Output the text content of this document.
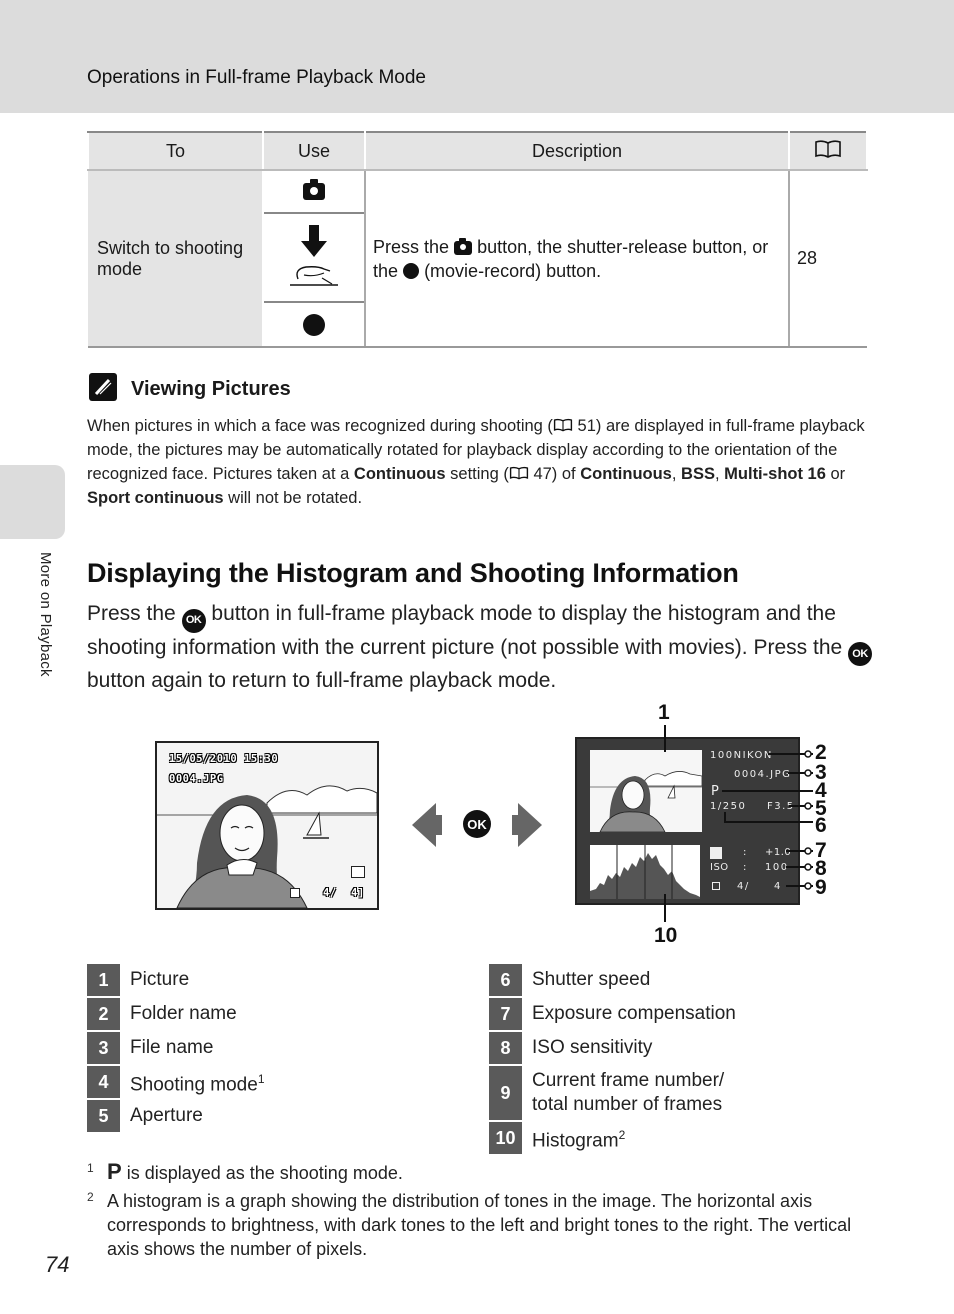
Operations in Full-frame Playback Mode
More on Playback
To	Use	Description	
Switch to shooting mode		Press the button, the shutter-release button, or the (movie-record) button.	28
Viewing Pictures
When pictures in which a face was recognized during shooting ( 51) are displayed in full-frame playback mode, the pictures may be automatically rotated for playback display according to the orientation of the recognized face. Pictures taken at a Continuous setting ( 47) of Continuous, BSS, Multi-shot 16 or Sport continuous will not be rotated.
Displaying the Histogram and Shooting Information
Press the OK button in full-frame playback mode to display the histogram and the shooting information with the current picture (not possible with movies). Press the OK button again to return to full-frame playback mode.
15/05/2010 15:30
0004.JPG
4/ 4]
OK
100NIKON
0004.JPG
P
1/250 F3.5
: +1.0
ISO : 100
4/ 4
1
2
3
4
5
6
7
8
9
10
1	Picture
2	Folder name
3	File name
4	Shooting mode$^1$
5	Aperture
6	Shutter speed
7	Exposure compensation
8	ISO sensitivity
9
Current frame number/ total number of frames
10 Histogram$^2$
1 P is displayed as the shooting mode.
2 A histogram is a graph showing the distribution of tones in the image. The horizontal axis corresponds to brightness, with dark tones to the left and bright tones to the right. The vertical axis shows the number of pixels.
74
